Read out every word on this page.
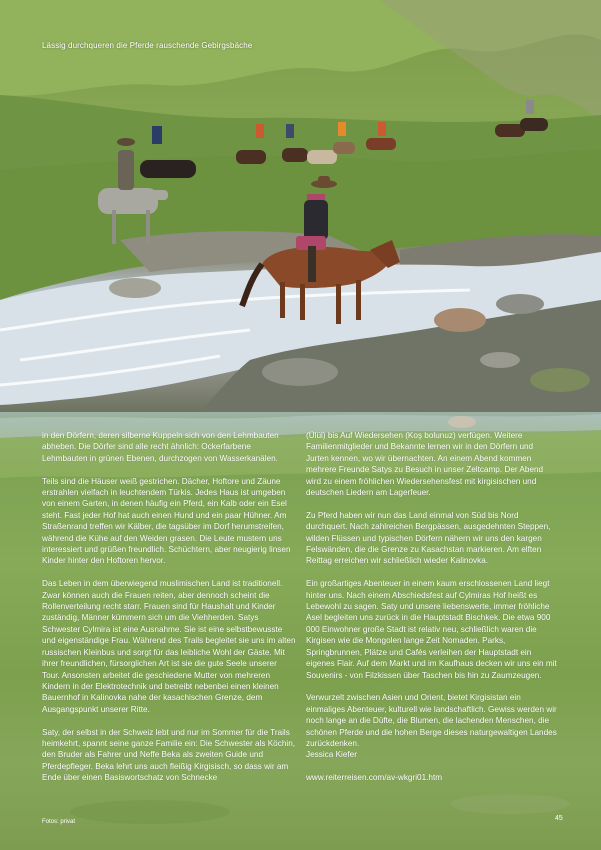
Lässig durchqueren die Pferde rauschende Gebirgsbäche

in den Dörfern, deren silberne Kuppeln sich von den Lehmbauten abheben. Die Dörfer sind alle recht ähnlich: Ockerfarbene Lehmbauten in grünen Ebenen, durchzogen von Wasserkanälen.

Teils sind die Häuser weiß gestrichen. Dächer, Hoftore und Zäune erstrahlen vielfach in leuchtendem Türkis. Jedes Haus ist umgeben von einem Garten, in denen häufig ein Pferd, ein Kalb oder ein Esel steht. Fast jeder Hof hat auch einen Hund und ein paar Hühner. Am Straßenrand treffen wir Kälber, die tagsüber im Dorf herumstreifen, während die Kühe auf den Weiden grasen. Die Leute mustern uns interessiert und grüßen freundlich. Schüchtern, aber neugierig linsen Kinder hinter den Hoftoren hervor.

Das Leben in dem überwiegend muslimischen Land ist traditionell. Zwar können auch die Frauen reiten, aber dennoch scheint die Rollenverteilung recht starr. Frauen sind für Haushalt und Kinder zuständig, Männer kümmern sich um die Viehherden. Satys Schwester Cylmira ist eine Ausnahme. Sie ist eine selbstbewusste und eigenständige Frau. Während des Trails begleitet sie uns im alten russischen Kleinbus und sorgt für das leibliche Wohl der Gäste. Mit ihrer freundlichen, fürsorglichen Art ist sie die gute Seele unserer Tour. Ansonsten arbeitet die geschiedene Mutter von mehreren Kindern in der Elektrotechnik und betreibt nebenbei einen kleinen Bauernhof in Kalinovka nahe der kasachischen Grenze, dem Ausgangspunkt unserer Ritte.

Saty, der selbst in der Schweiz lebt und nur im Sommer für die Trails heimkehrt, spannt seine ganze Familie ein: Die Schwester als Köchin, den Bruder als Fahrer und Neffe Beka als zweiten Guide und Pferdepfleger. Beka lehrt uns auch fleißig Kirgisisch, so dass wir am Ende über einen Basiswortschatz von Schnecke

(Ülül) bis Auf Wiedersehen (Koş bolunuz) verfügen. Weitere Familienmitglieder und Bekannte lernen wir in den Dörfern und Jurten kennen, wo wir übernachten. An einem Abend kommen mehrere Freunde Satys zu Besuch in unser Zeltcamp. Der Abend wird zu einem fröhlichen Wiedersehensfest mit kirgisischen und deutschen Liedern am Lagerfeuer.

Zu Pferd haben wir nun das Land einmal von Süd bis Nord durchquert. Nach zahlreichen Bergpässen, ausgedehnten Steppen, wilden Flüssen und typischen Dörfern nähern wir uns den kargen Felswänden, die die Grenze zu Kasachstan markieren. Am elften Reittag erreichen wir schließlich wieder Kalinovka.

Ein großartiges Abenteuer in einem kaum erschlossenen Land liegt hinter uns. Nach einem Abschiedsfest auf Cylmiras Hof heißt es Lebewohl zu sagen. Saty und unsere liebenswerte, immer fröhliche Asel begleiten uns zurück in die Hauptstadt Bischkek. Die etwa 900 000 Einwohner große Stadt ist relativ neu, schließlich waren die Kirgisen wie die Mongolen lange Zeit Nomaden. Parks, Springbrunnen, Plätze und Cafés verleihen der Hauptstadt ein eigenes Flair. Auf dem Markt und im Kaufhaus decken wir uns ein mit Souvenirs - von Filzkissen über Taschen bis hin zu Zaumzeugen.

Verwurzelt zwischen Asien und Orient, bietet Kirgisistan ein einmaliges Abenteuer, kulturell wie landschaftlich. Gewiss werden wir noch lange an die Düfte, die Blumen, die lachenden Menschen, die schönen Pferde und die hohen Berge dieses naturgewaltigen Landes zurückdenken.

Jessica Kiefer

www.reiterreisen.com/av-wkgri01.htm

Fotos: privat	45
